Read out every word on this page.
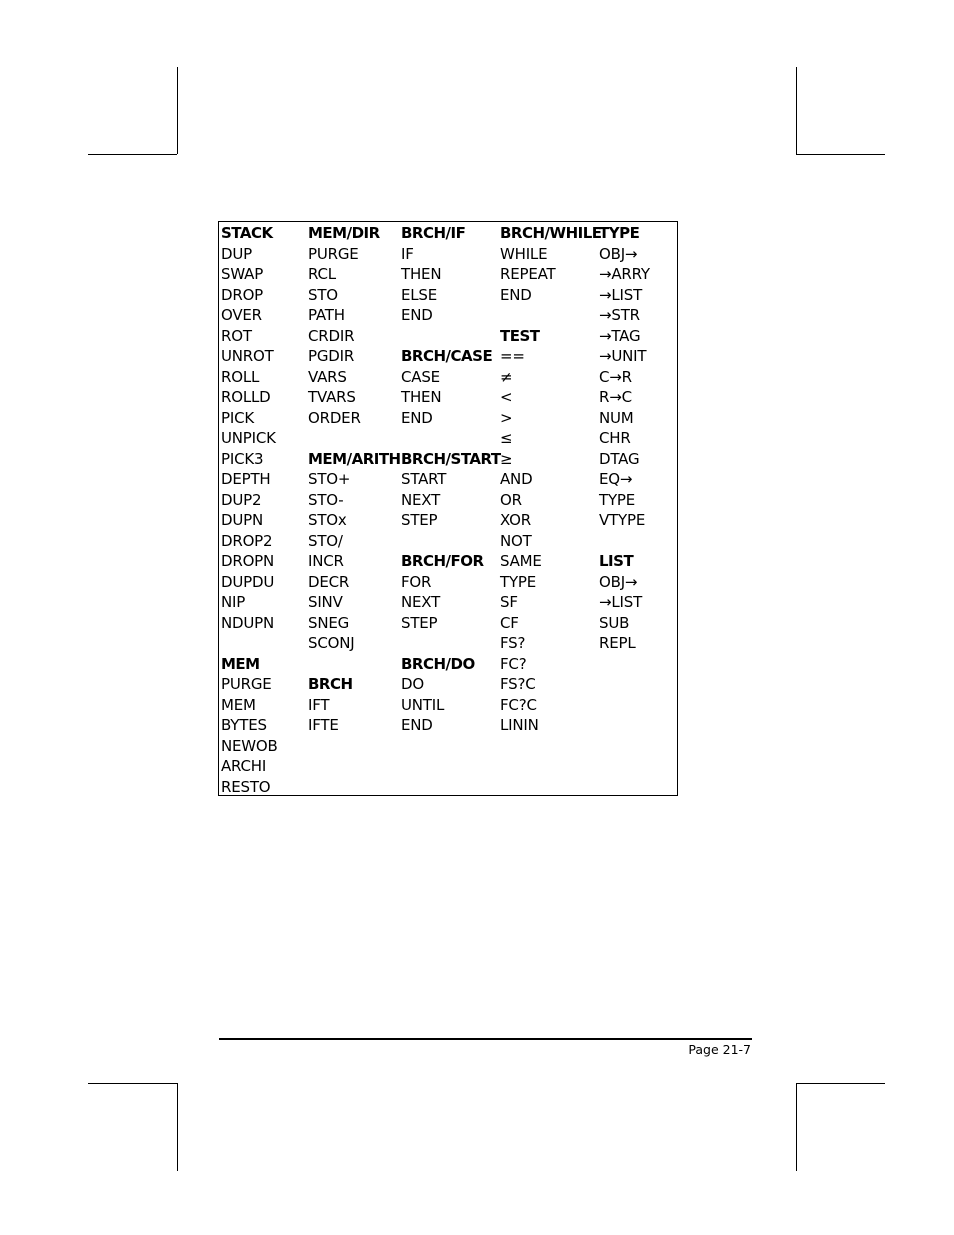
STACK
DUP
SWAP
DROP
OVER
ROT
UNROT
ROLL
ROLLD
PICK
UNPICK
PICK3
DEPTH
DUP2
DUPN
DROP2
DROPN
DUPDU
NIP
NDUPN
MEM
PURGE
MEM
BYTES
NEWOB
ARCHI
RESTO
MEM/DIR
PURGE
RCL
STO
PATH
CRDIR
PGDIR
VARS
TVARS
ORDER
MEM/ARITH
STO+
STO-
STOx
STO/
INCR
DECR
SINV
SNEG
SCONJ
BRCH
IFT
IFTE
BRCH/IF
IF
THEN
ELSE
END
BRCH/CASE
CASE
THEN
END
BRCH/START
START
NEXT
STEP
BRCH/FOR
FOR
NEXT
STEP
BRCH/DO
DO
UNTIL
END
BRCH/WHILE
WHILE
REPEAT
END
TEST
==
≠
<
>
≤
≥
AND
OR
XOR
NOT
SAME
TYPE
SF
CF
FS?
FC?
FS?C
FC?C
LININ
TYPE
OBJ→
→ARRY
→LIST
→STR
→TAG
→UNIT
C→R
R→C
NUM
CHR
DTAG
EQ→
TYPE
VTYPE
LIST
OBJ→
→LIST
SUB
REPL
Page 21-7
